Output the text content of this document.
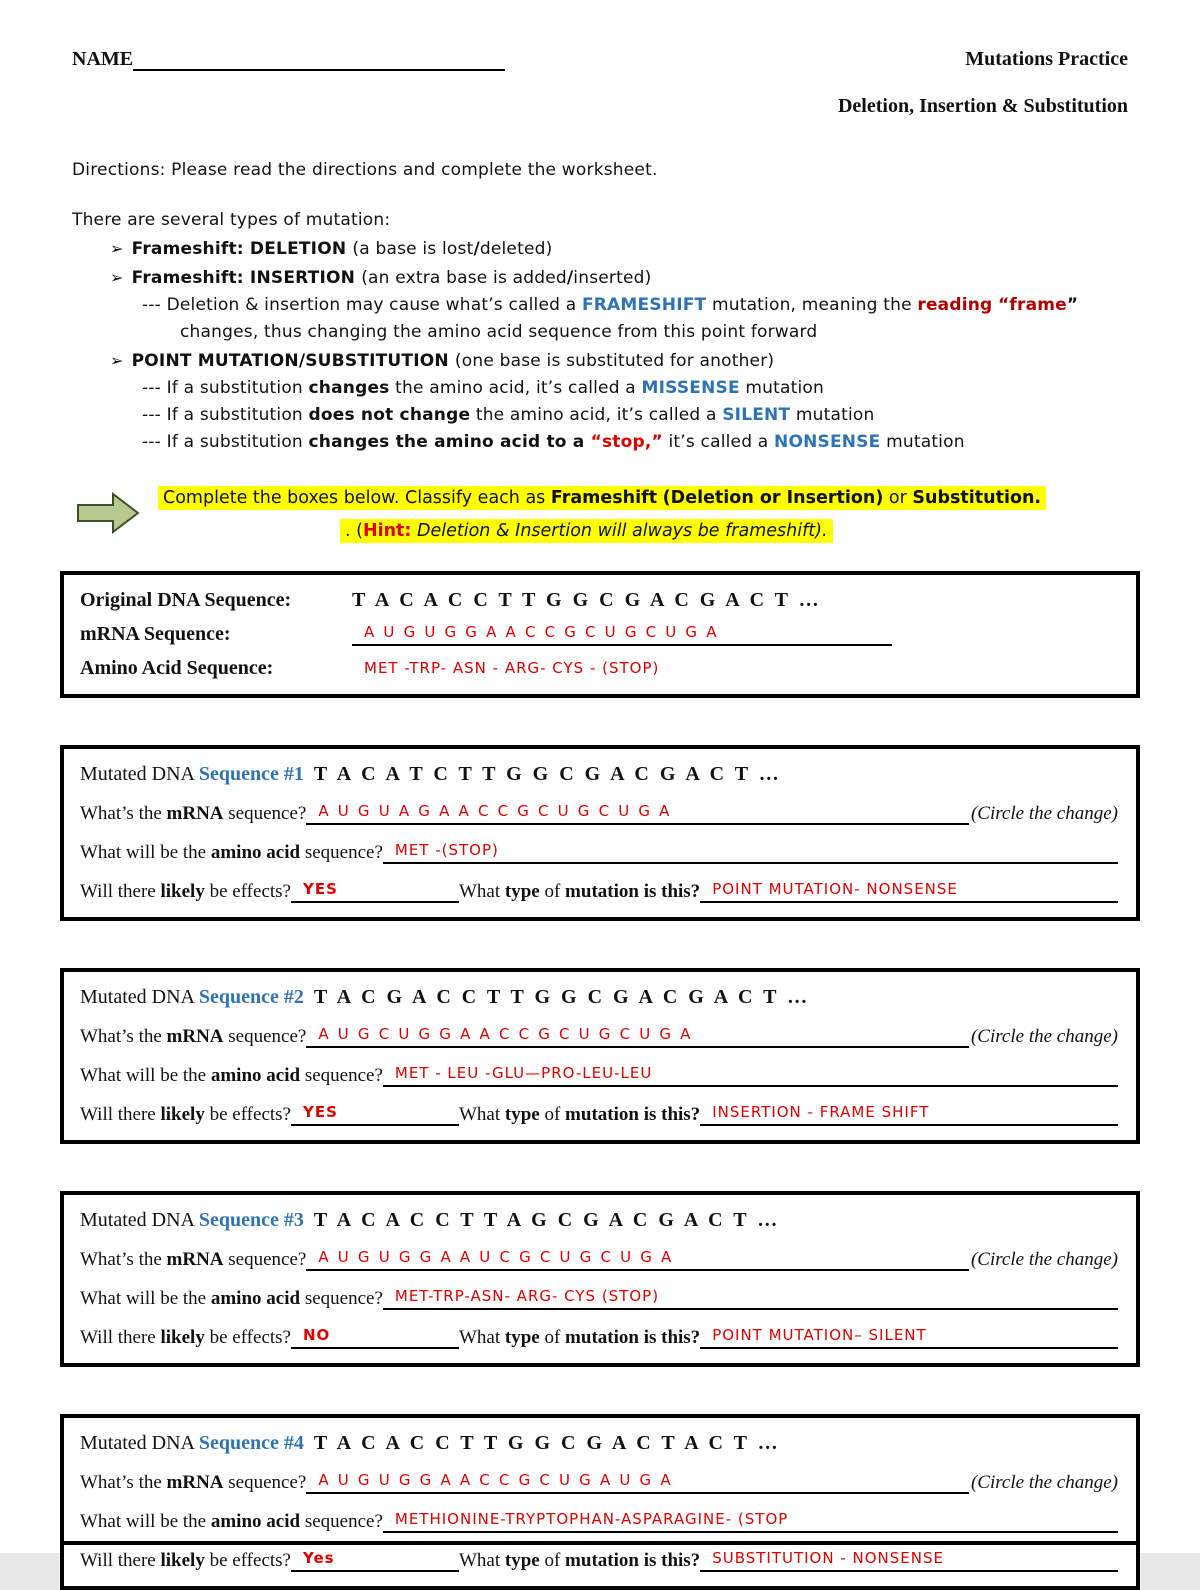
NAME	Mutations Practice
Deletion, Insertion & Substitution
Directions: Please read the directions and complete the worksheet.
There are several types of mutation:
➢ Frameshift: DELETION (a base is lost/deleted)
➢ Frameshift: INSERTION (an extra base is added/inserted)
--- Deletion & insertion may cause what’s called a FRAMESHIFT mutation, meaning the reading “frame”
changes, thus changing the amino acid sequence from this point forward
➢ POINT MUTATION/SUBSTITUTION (one base is substituted for another)
--- If a substitution changes the amino acid, it’s called a MISSENSE mutation
--- If a substitution does not change the amino acid, it’s called a SILENT mutation
--- If a substitution changes the amino acid to a “stop,” it’s called a NONSENSE mutation
Complete the boxes below. Classify each as Frameshift (Deletion or Insertion) or Substitution.
. (Hint: Deletion & Insertion will always be frameshift).
Original DNA Sequence:	T A C A C C T T G G C G A C G A C T …
mRNA Sequence:	A U G U G G A A C C G C U G C U G A
Amino Acid Sequence:	MET -TRP- ASN - ARG- CYS - (STOP)
Mutated DNA Sequence #1 T A C A T C T T G G C G A C G A C T …
What’s the mRNA sequence? A U G U A G A A C C G C U G C U G A	(Circle the change)
What will be the amino acid sequence? MET -(STOP)
Will there likely be effects? YES	What type of mutation is this? POINT MUTATION- NONSENSE
Mutated DNA Sequence #2 T A C G A C C T T G G C G A C G A C T …
What’s the mRNA sequence? A U G C U G G A A C C G C U G C U G A	(Circle the change)
What will be the amino acid sequence? MET - LEU -GLU—PRO-LEU-LEU
Will there likely be effects? YES	What type of mutation is this? INSERTION - FRAME SHIFT
Mutated DNA Sequence #3 T A C A C C T T A G C G A C G A C T …
What’s the mRNA sequence? A U G U G G A A U C G C U G C U G A	(Circle the change)
What will be the amino acid sequence? MET-TRP-ASN- ARG- CYS (STOP)
Will there likely be effects? NO	What type of mutation is this? POINT MUTATION– SILENT
Mutated DNA Sequence #4 T A C A C C T T G G C G A C T A C T …
What’s the mRNA sequence? A U G U G G A A C C G C U G A U G A	(Circle the change)
What will be the amino acid sequence? METHIONINE-TRYPTOPHAN-ASPARAGINE- (STOP
Will there likely be effects? Yes	What type of mutation is this? SUBSTITUTION - NONSENSE
